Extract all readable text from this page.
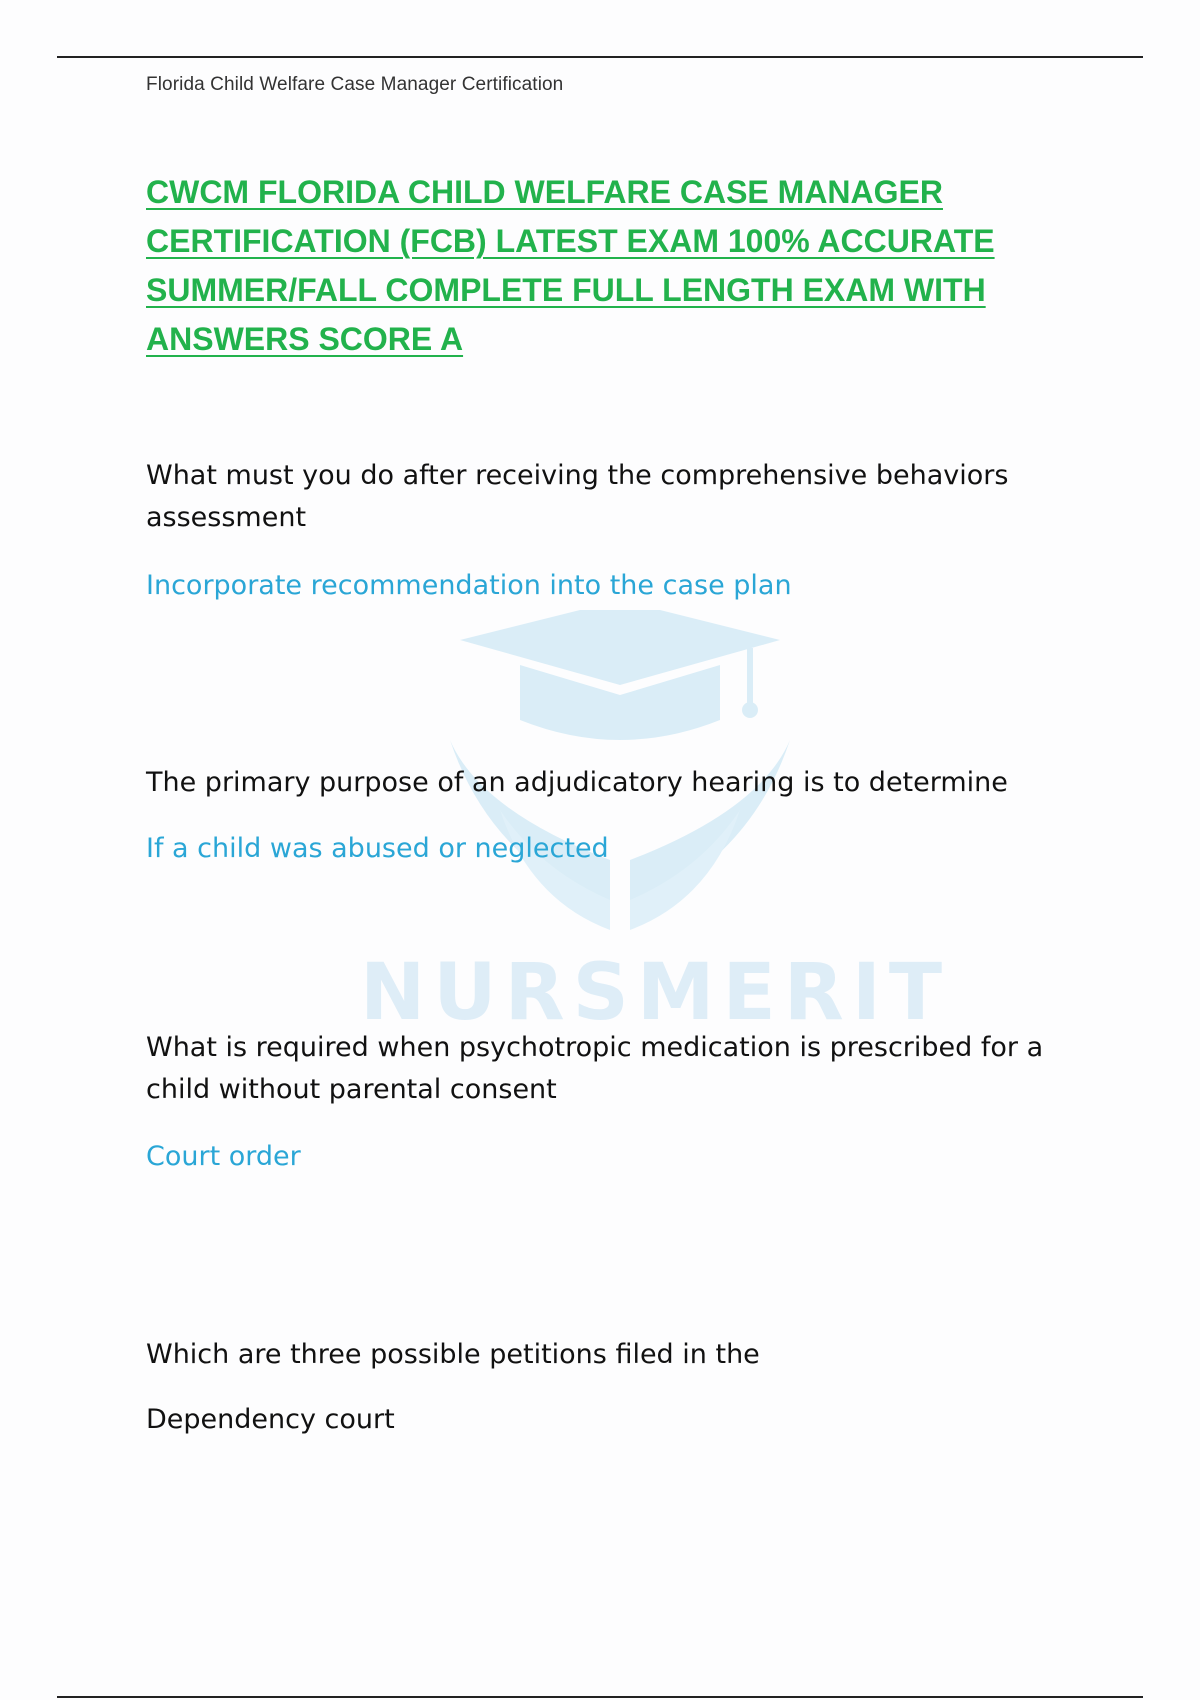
Florida Child Welfare Case Manager Certification
CWCM FLORIDA CHILD WELFARE CASE MANAGER CERTIFICATION (FCB) LATEST EXAM 100% ACCURATE SUMMER/FALL COMPLETE FULL LENGTH EXAM WITH ANSWERS SCORE A
NURSMERIT

What must you do after receiving the comprehensive behaviors assessment

Incorporate recommendation into the case plan

The primary purpose of an adjudicatory hearing is to determine

If a child was abused or neglected

What is required when psychotropic medication is prescribed for a child without parental consent

Court order

Which are three possible petitions filed in the

Dependency court
